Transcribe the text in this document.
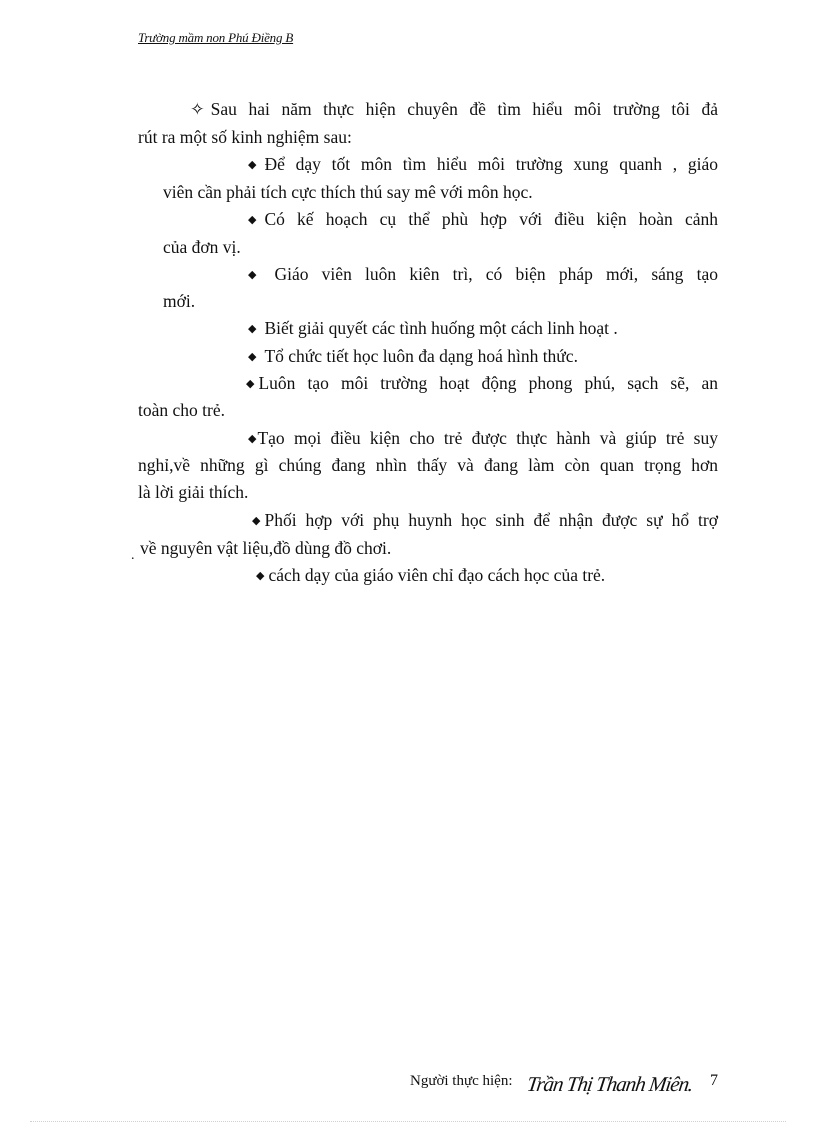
Trường mầm non Phú Điềng B
✧ Sau hai năm thực hiện chuyên đề tìm hiểu môi trường tôi đả
rút ra một số kinh nghiệm sau:
◆ Để dạy tốt môn tìm hiểu môi trường xung quanh , giáo
viên cần phải tích cực thích thú say mê với môn học.
◆ Có kế hoạch cụ thể phù hợp với điều kiện hoàn cảnh
của đơn vị.
◆ Giáo viên luôn kiên trì, có biện pháp mới, sáng tạo
mới.
◆ Biết giải quyết các tình huống một cách linh hoạt .
◆ Tổ chức tiết học luôn đa dạng hoá hình thức.
◆ Luôn tạo môi trường hoạt động phong phú, sạch sẽ, an
toàn cho trẻ.
◆Tạo mọi điều kiện cho trẻ được thực hành và giúp trẻ suy
nghỉ,về những gì chúng đang nhìn thấy và đang làm còn quan trọng hơn
là lời giải thích.
◆ Phối hợp với phụ huynh học sinh để nhận được sự hổ trợ
. về nguyên vật liệu,đồ dùng đồ chơi.
◆ cách dạy của giáo viên chỉ đạo cách học của trẻ.
Người thực hiện: Trần Thị Thanh Miên. 7
